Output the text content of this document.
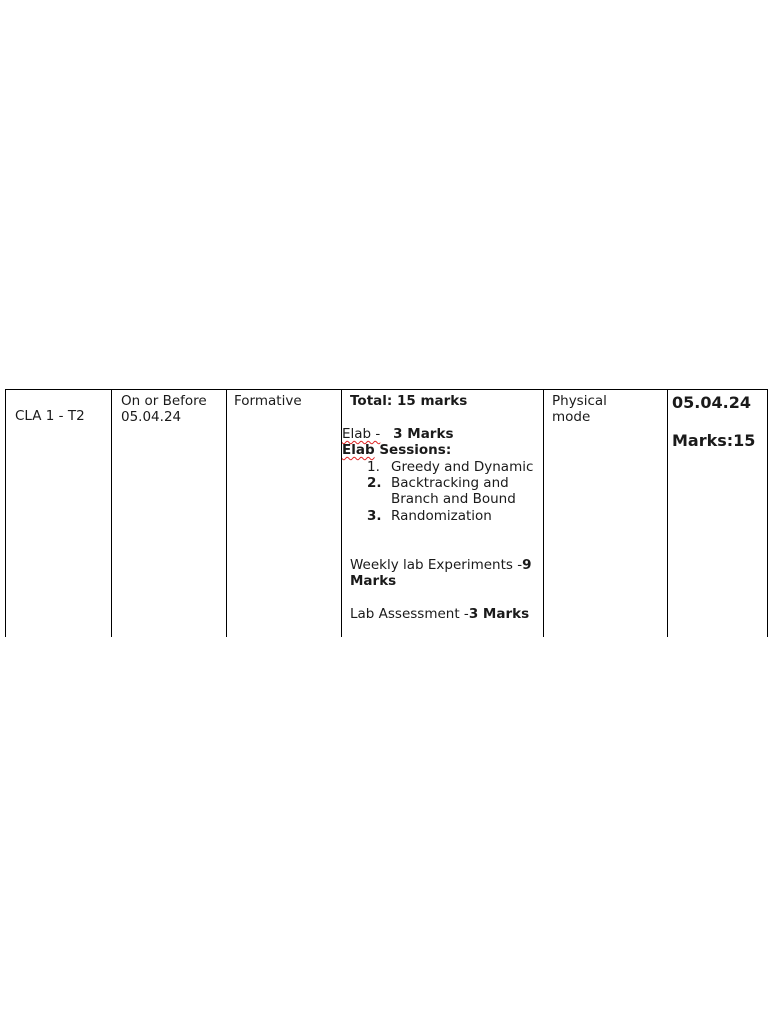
CLA 1 - T2
On or Before
05.04.24
Formative	Total: 15 marks
Elab - 3 Marks
Elab Sessions:
1. Greedy and Dynamic
2. Backtracking and
Branch and Bound
3. Randomization
Weekly lab Experiments -9
Marks
Lab Assessment -3 Marks
Physical
mode
05.04.24
Marks:15
